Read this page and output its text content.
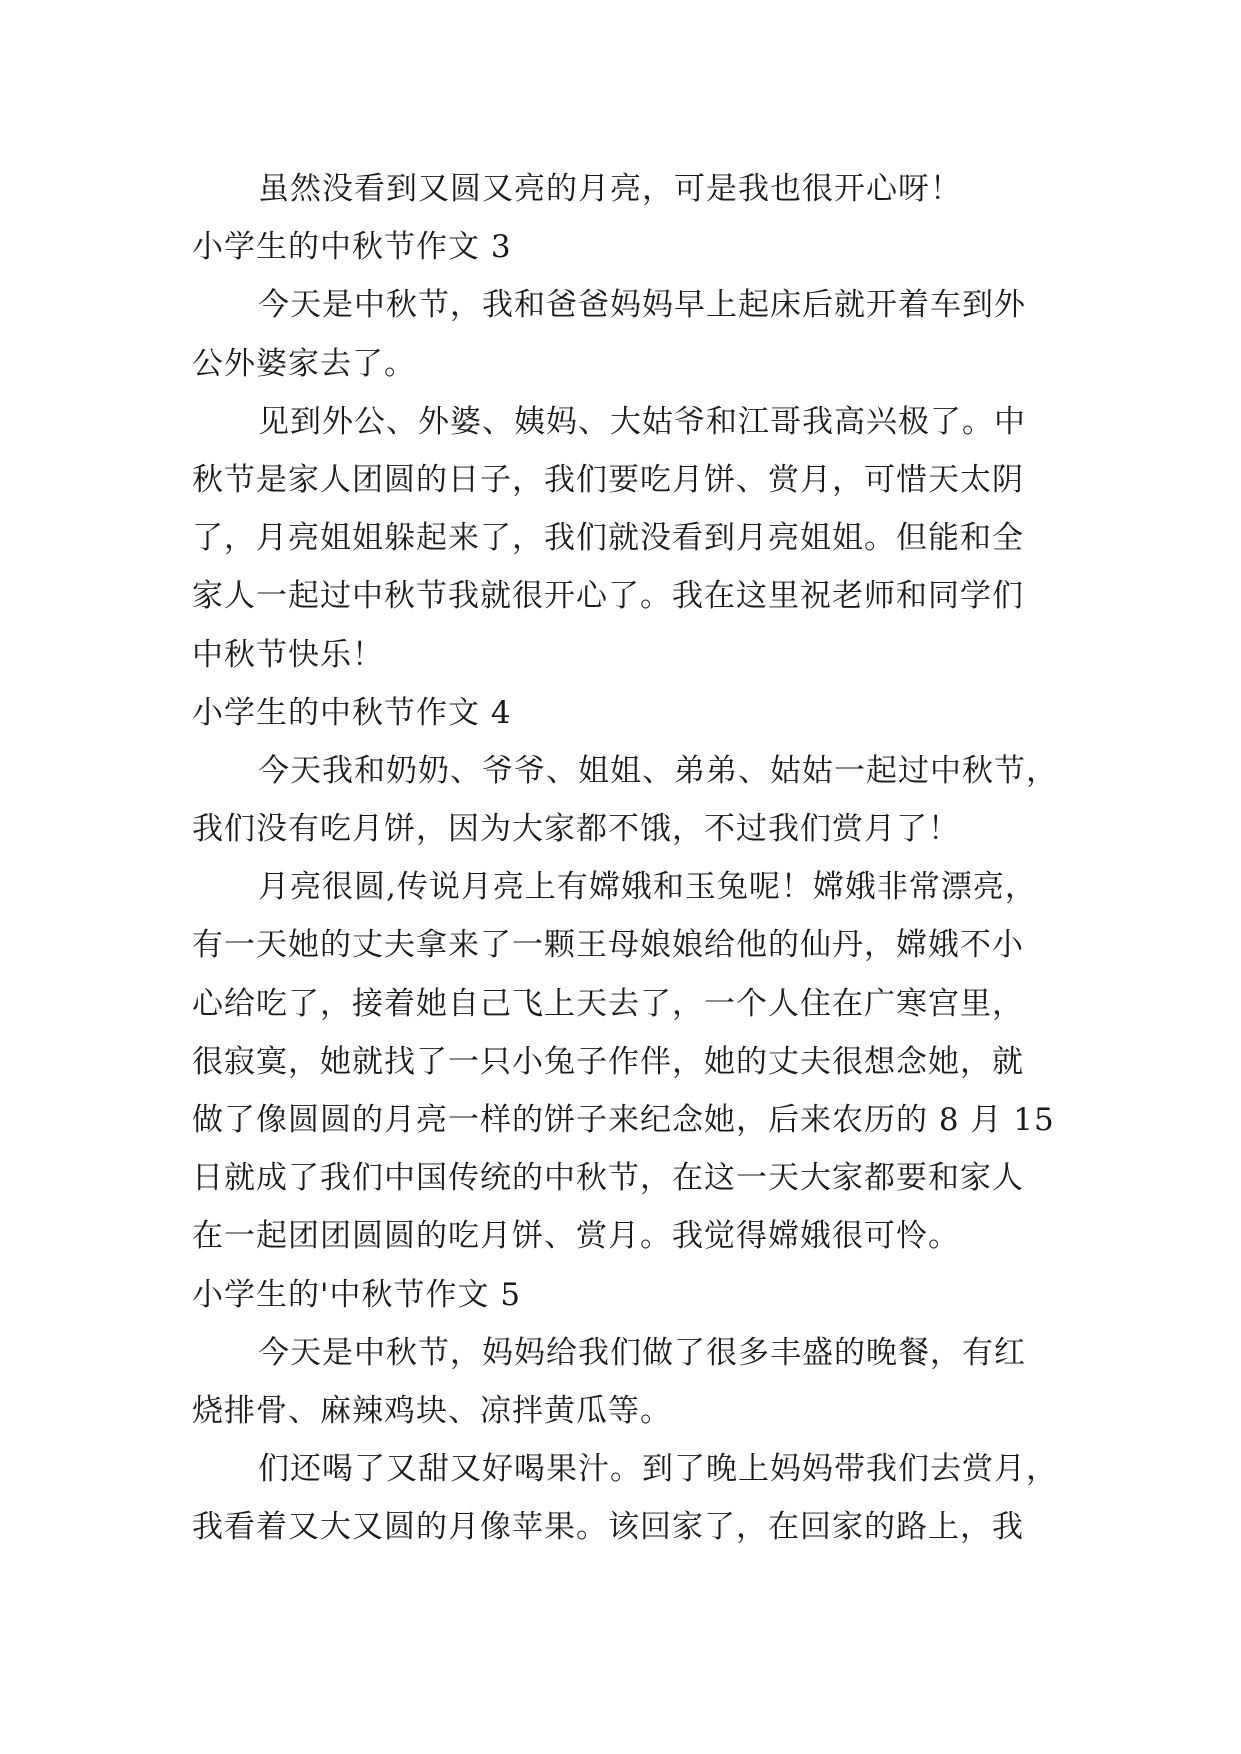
虽然没看到又圆又亮的月亮，可是我也很开心呀！
小学生的中秋节作文 3
今天是中秋节，我和爸爸妈妈早上起床后就开着车到外
公外婆家去了。
见到外公、外婆、姨妈、大姑爷和江哥我高兴极了。中
秋节是家人团圆的日子，我们要吃月饼、赏月，可惜天太阴
了，月亮姐姐躲起来了，我们就没看到月亮姐姐。但能和全
家人一起过中秋节我就很开心了。我在这里祝老师和同学们
中秋节快乐！
小学生的中秋节作文 4
今天我和奶奶、爷爷、姐姐、弟弟、姑姑一起过中秋节，
我们没有吃月饼，因为大家都不饿，不过我们赏月了！
月亮很圆,传说月亮上有嫦娥和玉兔呢！嫦娥非常漂亮，
有一天她的丈夫拿来了一颗王母娘娘给他的仙丹，嫦娥不小
心给吃了，接着她自己飞上天去了，一个人住在广寒宫里，
很寂寞，她就找了一只小兔子作伴，她的丈夫很想念她，就
做了像圆圆的月亮一样的饼子来纪念她，后来农历的 8 月 15
日就成了我们中国传统的中秋节，在这一天大家都要和家人
在一起团团圆圆的吃月饼、赏月。我觉得嫦娥很可怜。
小学生的'中秋节作文 5
今天是中秋节，妈妈给我们做了很多丰盛的晚餐，有红
烧排骨、麻辣鸡块、凉拌黄瓜等。
们还喝了又甜又好喝果汁。到了晚上妈妈带我们去赏月，
我看着又大又圆的月像苹果。该回家了，在回家的路上，我
